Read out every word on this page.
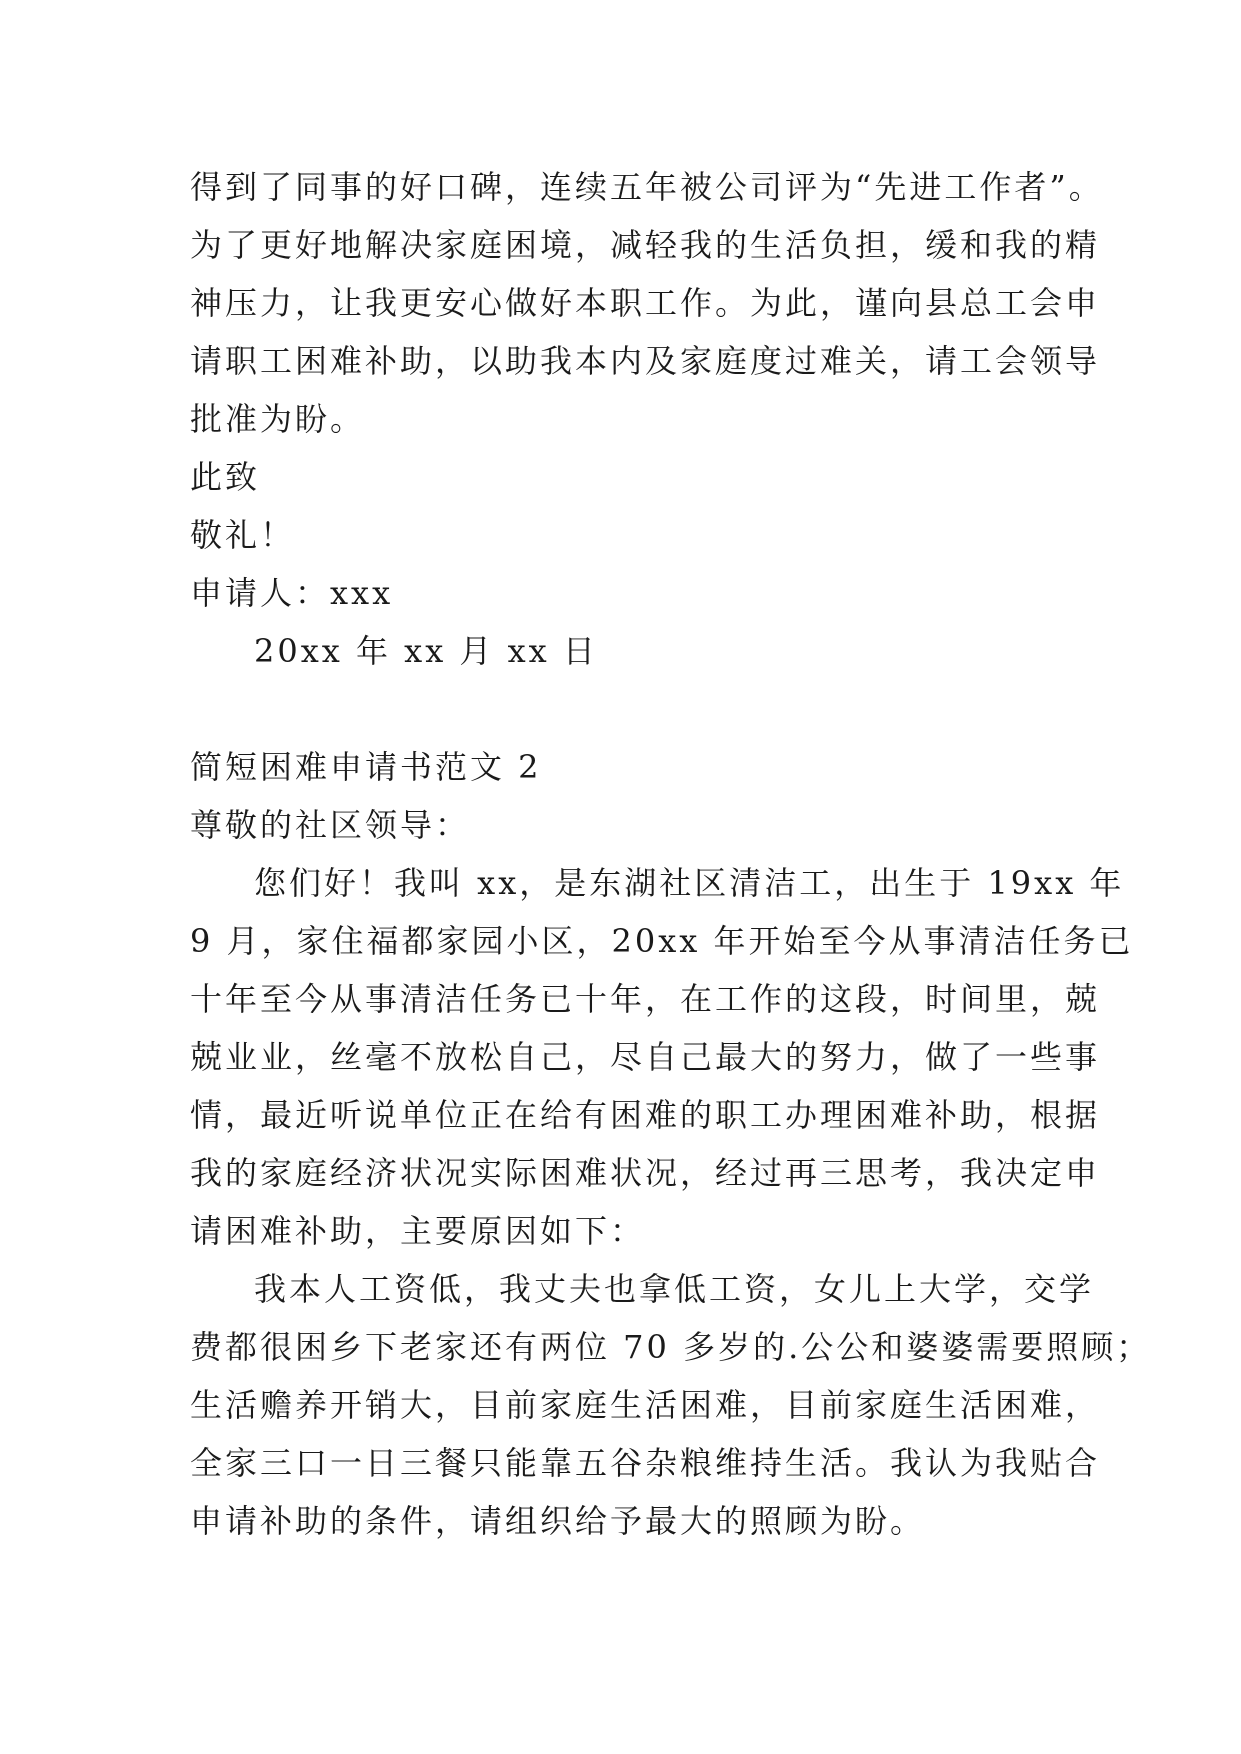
得到了同事的好口碑，连续五年被公司评为“先进工作者”。
为了更好地解决家庭困境，减轻我的生活负担，缓和我的精
神压力，让我更安心做好本职工作。为此，谨向县总工会申
请职工困难补助，以助我本内及家庭度过难关，请工会领导
批准为盼。
此致
敬礼！
申请人：xxx
20xx 年 xx 月 xx 日
简短困难申请书范文 2
尊敬的社区领导：
您们好！我叫 xx，是东湖社区清洁工，出生于 19xx 年
9 月，家住福都家园小区，20xx 年开始至今从事清洁任务已
十年至今从事清洁任务已十年，在工作的这段，时间里，兢
兢业业，丝毫不放松自己，尽自己最大的努力，做了一些事
情，最近听说单位正在给有困难的职工办理困难补助，根据
我的家庭经济状况实际困难状况，经过再三思考，我决定申
请困难补助，主要原因如下：
我本人工资低，我丈夫也拿低工资，女儿上大学，交学
费都很困乡下老家还有两位 70 多岁的.公公和婆婆需要照顾；
生活赡养开销大，目前家庭生活困难，目前家庭生活困难，
全家三口一日三餐只能靠五谷杂粮维持生活。我认为我贴合
申请补助的条件，请组织给予最大的照顾为盼。
